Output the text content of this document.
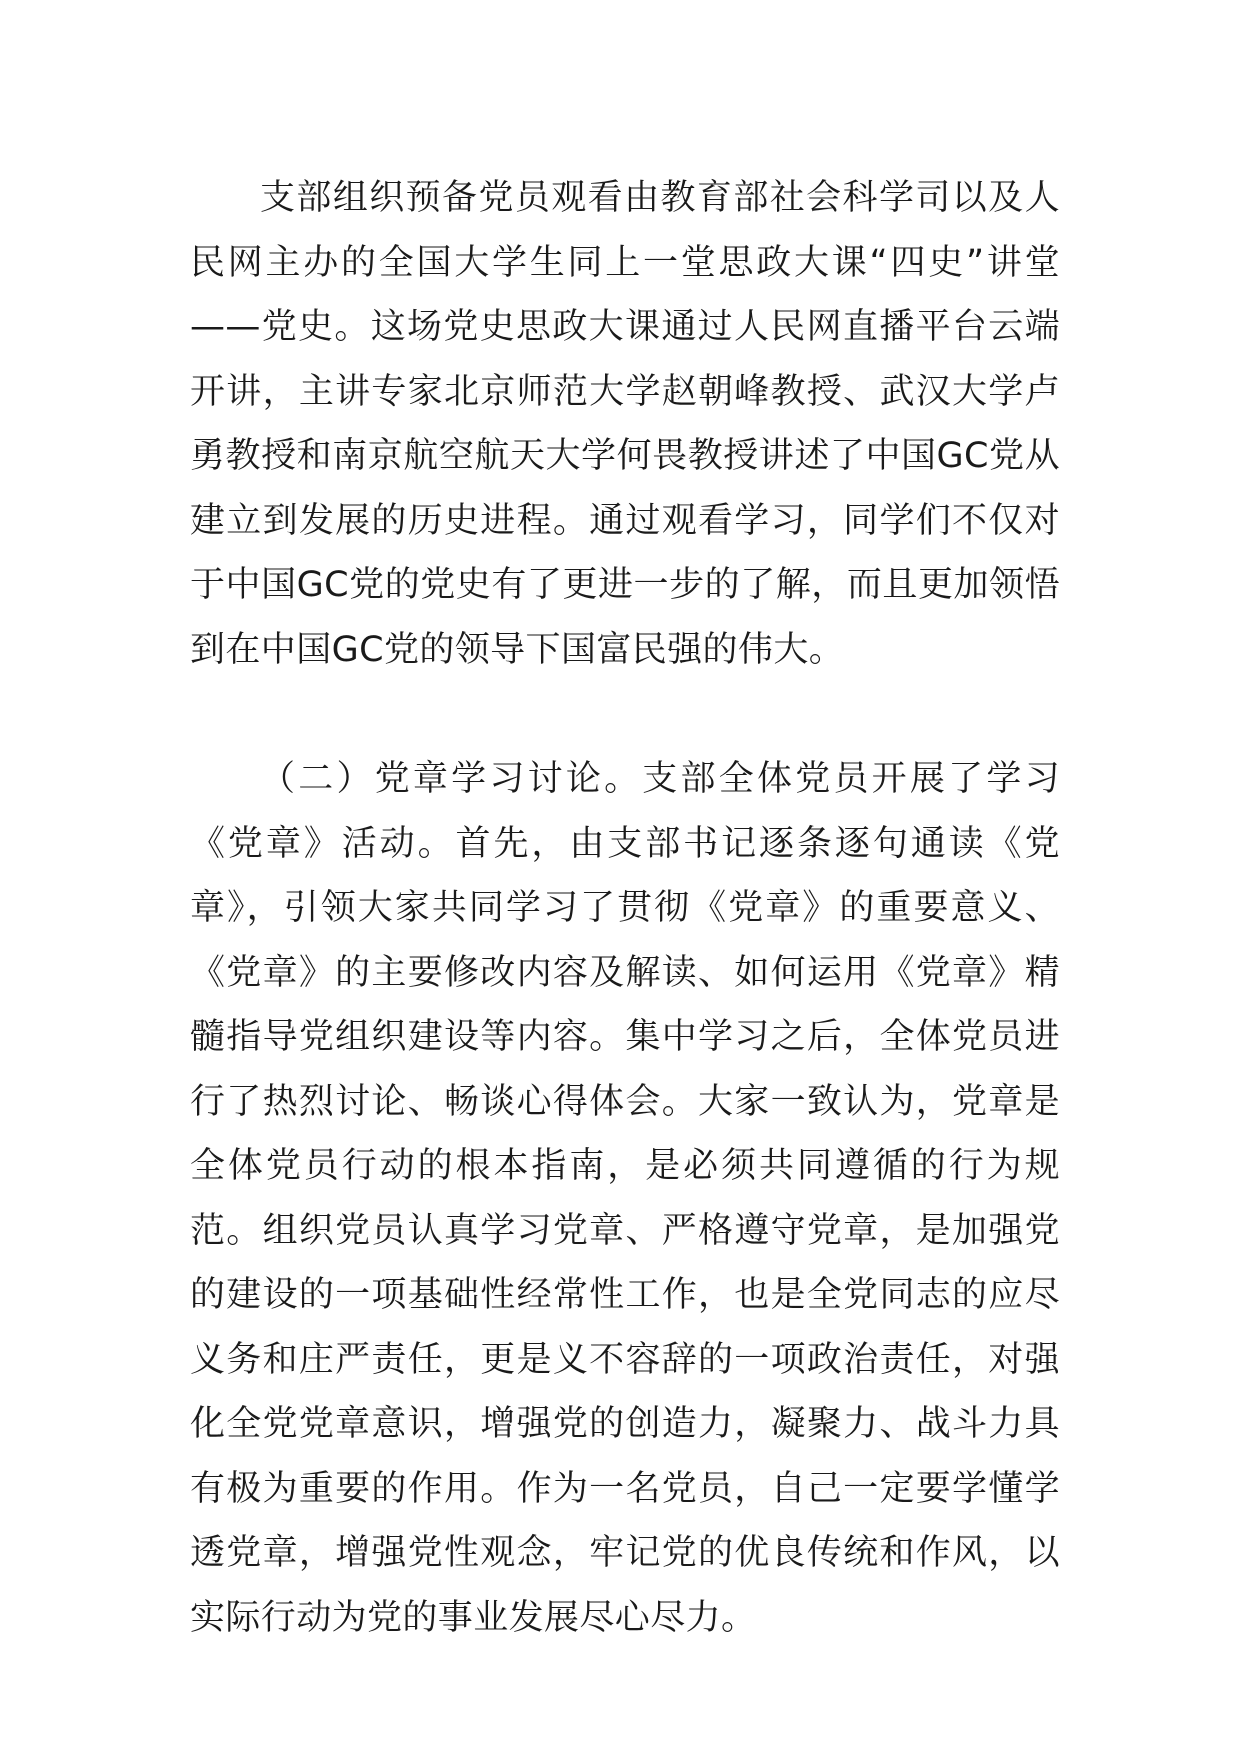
支部组织预备党员观看由教育部社会科学司以及人民网主办的全国大学生同上一堂思政大课“四史”讲堂——党史。这场党史思政大课通过人民网直播平台云端开讲，主讲专家北京师范大学赵朝峰教授、武汉大学卢勇教授和南京航空航天大学何畏教授讲述了中国GC党从建立到发展的历史进程。通过观看学习，同学们不仅对于中国GC党的党史有了更进一步的了解，而且更加领悟到在中国GC党的领导下国富民强的伟大。

（二）党章学习讨论。支部全体党员开展了学习《党章》活动。首先，由支部书记逐条逐句通读《党章》，引领大家共同学习了贯彻《党章》的重要意义、《党章》的主要修改内容及解读、如何运用《党章》精髓指导党组织建设等内容。集中学习之后，全体党员进行了热烈讨论、畅谈心得体会。大家一致认为，党章是全体党员行动的根本指南，是必须共同遵循的行为规范。组织党员认真学习党章、严格遵守党章，是加强党的建设的一项基础性经常性工作，也是全党同志的应尽义务和庄严责任，更是义不容辞的一项政治责任，对强化全党党章意识，增强党的创造力，凝聚力、战斗力具有极为重要的作用。作为一名党员，自己一定要学懂学透党章，增强党性观念，牢记党的优良传统和作风，以实际行动为党的事业发展尽心尽力。
